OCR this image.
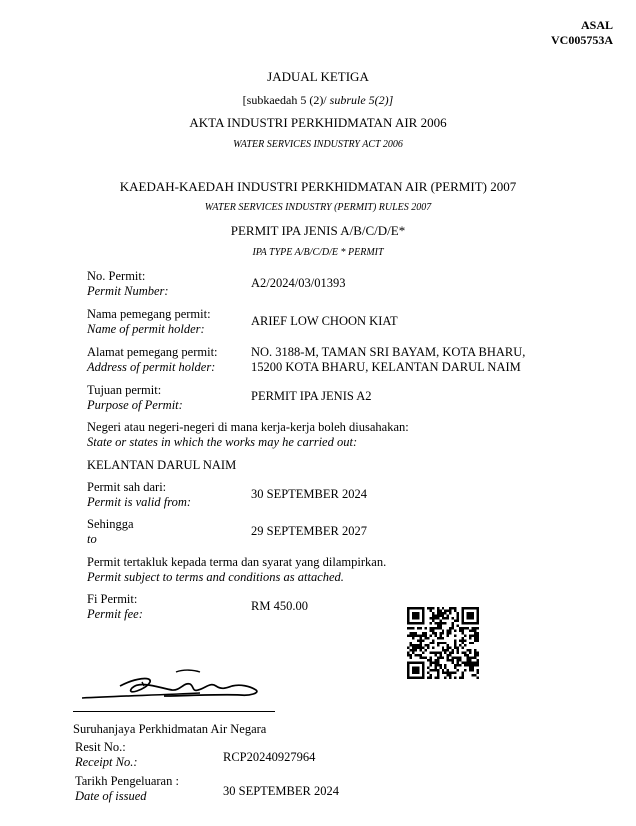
ASAL
VC005753A
JADUAL KETIGA
[subkaedah 5 (2)/ subrule 5(2)]
AKTA INDUSTRI PERKHIDMATAN AIR 2006
WATER SERVICES INDUSTRY ACT 2006
KAEDAH-KAEDAH INDUSTRI PERKHIDMATAN AIR (PERMIT) 2007
WATER SERVICES INDUSTRY (PERMIT) RULES 2007
PERMIT IPA JENIS A/B/C/D/E*
IPA TYPE A/B/C/D/E * PERMIT
No. Permit:
Permit Number:
A2/2024/03/01393
Nama pemegang permit:
Name of permit holder:
ARIEF LOW CHOON KIAT
Alamat pemegang permit:
Address of permit holder:
NO. 3188-M, TAMAN SRI BAYAM, KOTA BHARU,
15200 KOTA BHARU, KELANTAN DARUL NAIM
Tujuan permit:
Purpose of Permit:
PERMIT IPA JENIS A2
Negeri atau negeri-negeri di mana kerja-kerja boleh diusahakan:
State or states in which the works may he carried out:
KELANTAN DARUL NAIM
Permit sah dari:
Permit is valid from:
30 SEPTEMBER 2024
Sehingga
to
29 SEPTEMBER 2027
Permit tertakluk kepada terma dan syarat yang dilampirkan.
Permit subject to terms and conditions as attached.
Fi Permit:
Permit fee:
RM 450.00
Suruhanjaya Perkhidmatan Air Negara
Resit No.:
Receipt No.:	RCP20240927964
Tarikh Pengeluaran :
Date of issued	30 SEPTEMBER 2024
